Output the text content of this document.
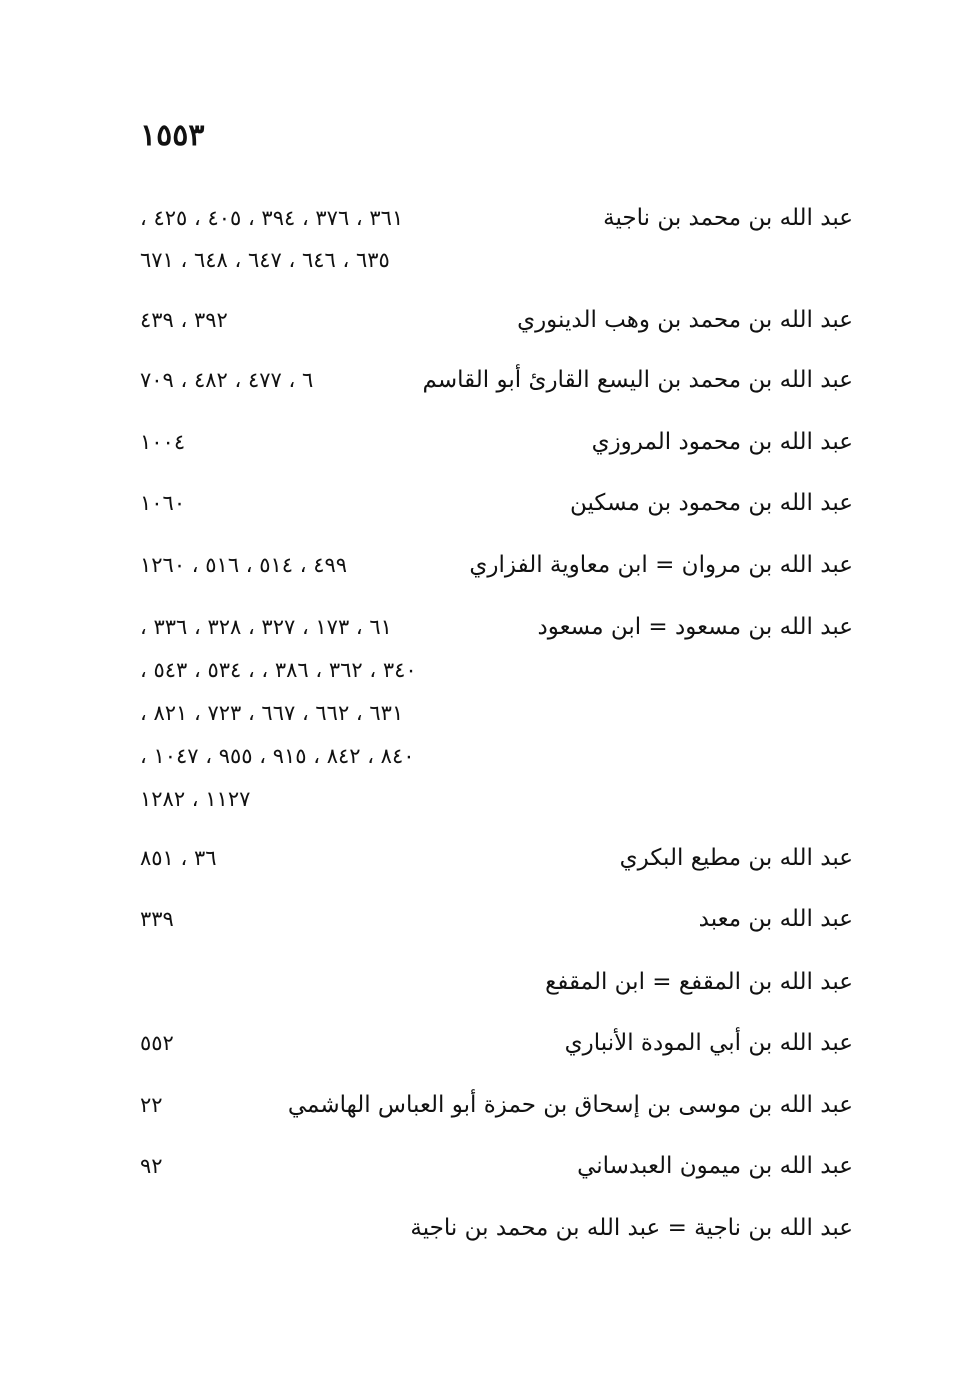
١٥٥٣
عبد الله بن محمد بن ناجية
٣٦١ ، ٣٧٦ ، ٣٩٤ ، ٤٠٥ ، ٤٢٥ ،
٦٣٥ ، ٦٤٦ ، ٦٤٧ ، ٦٤٨ ، ٦٧١
عبد الله بن محمد بن وهب الدينوري
٣٩٢ ، ٤٣٩
عبد الله بن محمد بن اليسع القارئ أبو القاسم
٦ ، ٤٧٧ ، ٤٨٢ ، ٧٠٩
عبد الله بن محمود المروزي
١٠٠٤
عبد الله بن محمود بن مسكين
١٠٦٠
عبد الله بن مروان = ابن معاوية الفزاري
٤٩٩ ، ٥١٤ ، ٥١٦ ، ١٢٦٠
عبد الله بن مسعود = ابن مسعود
٦١ ، ١٧٣ ، ٣٢٧ ، ٣٢٨ ، ٣٣٦ ،
٣٤٠ ، ٣٦٢ ، ٣٨٦ ، ، ٥٣٤ ، ٥٤٣ ،
٦٣١ ، ٦٦٢ ، ٦٦٧ ، ٧٢٣ ، ٨٢١ ،
٨٤٠ ، ٨٤٢ ، ٩١٥ ، ٩٥٥ ، ١٠٤٧ ،
١١٢٧ ، ١٢٨٢
عبد الله بن مطيع البكري
٣٦ ، ٨٥١
عبد الله بن معبد
٣٣٩
عبد الله بن المقفع = ابن المقفع
عبد الله بن أبي المودة الأنباري
٥٥٢
عبد الله بن موسى بن إسحاق بن حمزة أبو العباس الهاشمي
٢٢
عبد الله بن ميمون العبدساني
٩٢
عبد الله بن ناجية = عبد الله بن محمد بن ناجية
